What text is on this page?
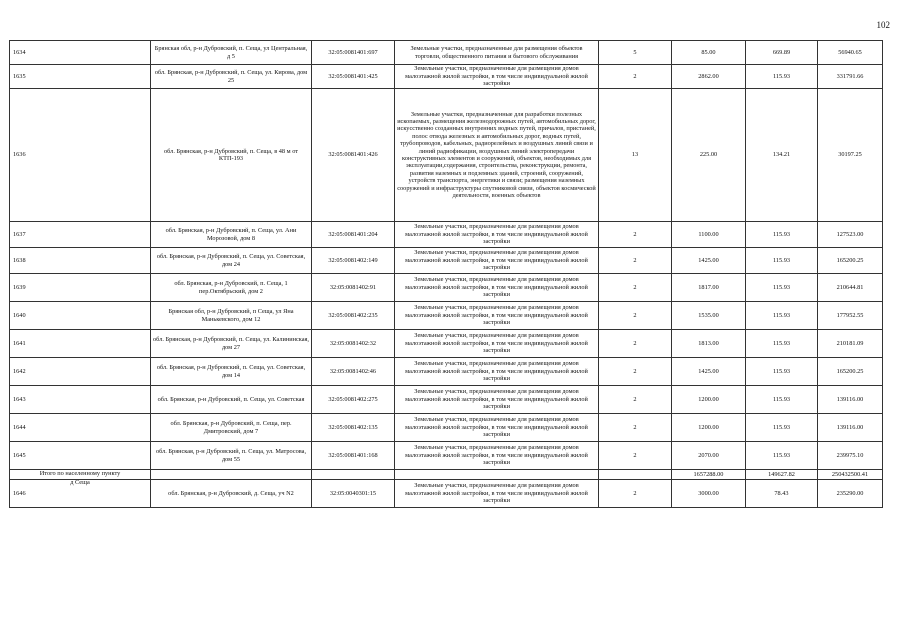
102
1634	Брянская обл, р-н Дубровский, п. Сеща, ул Центральная, д 5	32:05:0081401:697	Земельные участки, предназначенные для размещения объектов торговли, общественного питания и бытового обслуживания	5	85.00	669.89	56940.65
1635	обл. Брянская, р-н Дубровский, п. Сеща, ул. Кирова, дом 25	32:05:0081401:425	Земельные участки, предназначенные для размещения домов малоэтажной жилой застройки, в том числе индивидуальной жилой застройки	2	2862.00	115.93	331791.66
1636	обл. Брянская, р-н Дубровский, п. Сеща, в 48 м от КТП-193	32:05:0081401:426	Земельные участки, предназначенные для разработки полезных ископаемых, размещения железнодорожных путей, автомобильных дорог, искусственно созданных внутренних водных путей, причалов, пристаней, полос отвода железных и автомобильных дорог, водных путей, трубопроводов, кабельных, радиорелейных и воздушных линий связи и линий радиофикации, воздушных линий электропередачи конструктивных элементов и сооружений, объектов, необходимых для эксплуатации,содержания, строительства, реконструкции, ремонта, развития наземных и подземных зданий, строений, сооружений, устройств транспорта, энергетики и связи; размещения наземных сооружений и инфраструктуры спутниковой связи, объектов космической деятельности, военных объектов	13	225.00	134.21	30197.25
1637	обл. Брянская, р-н Дубровский, п. Сеща, ул. Ани Морозовой, дом 8	32:05:0081401:204	Земельные участки, предназначенные для размещения домов малоэтажной жилой застройки, в том числе индивидуальной жилой застройки	2	1100.00	115.93	127523.00
1638	обл. Брянская, р-н Дубровский, п. Сеща, ул. Советская, дом 24	32:05:0081402:149	Земельные участки, предназначенные для размещения домов малоэтажной жилой застройки, в том числе индивидуальной жилой застройки	2	1425.00	115.93	165200.25
1639	обл. Брянская, р-н Дубровский, п. Сеща, 1 пер.Октябрьский, дом 2	32:05:0081402:91	Земельные участки, предназначенные для размещения домов малоэтажной жилой застройки, в том числе индивидуальной жилой застройки	2	1817.00	115.93	210644.81
1640	Брянская обл, р-н Дубровский, п Сеща, ул Яна Манькевского, дом 12	32:05:0081402:235	Земельные участки, предназначенные для размещения домов малоэтажной жилой застройки, в том числе индивидуальной жилой застройки	2	1535.00	115.93	177952.55
1641	обл. Брянская, р-н Дубровский, п. Сеща, ул. Калининская, дом 27	32:05:0081402:32	Земельные участки, предназначенные для размещения домов малоэтажной жилой застройки, в том числе индивидуальной жилой застройки	2	1813.00	115.93	210181.09
1642	обл. Брянская, р-н Дубровский, п. Сеща, ул. Советская, дом 14	32:05:0081402:46	Земельные участки, предназначенные для размещения домов малоэтажной жилой застройки, в том числе индивидуальной жилой застройки	2	1425.00	115.93	165200.25
1643	обл. Брянская, р-н Дубровский, п. Сеща, ул. Советская	32:05:0081402:275	Земельные участки, предназначенные для размещения домов малоэтажной жилой застройки, в том числе индивидуальной жилой застройки	2	1200.00	115.93	139116.00
1644	обл. Брянская, р-н Дубровский, п. Сеща, пер. Дмитровский, дом 7	32:05:0081402:135	Земельные участки, предназначенные для размещения домов малоэтажной жилой застройки, в том числе индивидуальной жилой застройки	2	1200.00	115.93	139116.00
1645	обл. Брянская, р-н Дубровский, п. Сеща, ул. Матросова, дом 55	32:05:0081401:168	Земельные участки, предназначенные для размещения домов малоэтажной жилой застройки, в том числе индивидуальной жилой застройки	2	2070.00	115.93	239975.10

Итого по населенному пункту
д Сеща					1657288.00	149627.82	250432500.41
1646	обл. Брянская, р-н Дубровский, д. Сеща, уч N2	32:05:0040301:15	Земельные участки, предназначенные для размещения домов малоэтажной жилой застройки, в том числе индивидуальной жилой застройки	2	3000.00	78.43	235290.00
